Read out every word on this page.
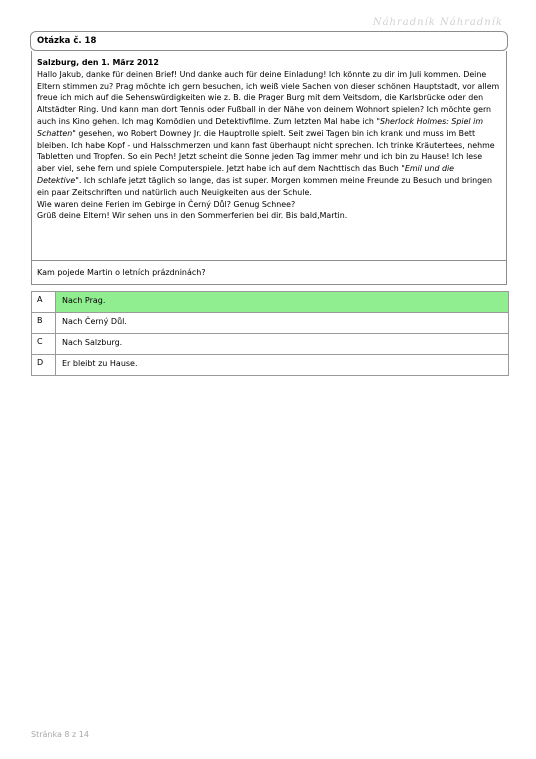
Náhradník Náhradník
Otázka č. 18
Salzburg, den 1. März 2012
Hallo Jakub, danke für deinen Brief! Und danke auch für deine Einladung! Ich könnte zu dir im Juli kommen. Deine Eltern stimmen zu? Prag möchte ich gern besuchen, ich weiß viele Sachen von dieser schönen Hauptstadt, vor allem freue ich mich auf die Sehenswürdigkeiten wie z. B. die Prager Burg mit dem Veitsdom, die Karlsbrücke oder den Altstädter Ring. Und kann man dort Tennis oder Fußball in der Nähe von deinem Wohnort spielen? Ich möchte gern auch ins Kino gehen. Ich mag Komödien und Detektivfilme. Zum letzten Mal habe ich "Sherlock Holmes: Spiel im Schatten" gesehen, wo Robert Downey Jr. die Hauptrolle spielt. Seit zwei Tagen bin ich krank und muss im Bett bleiben. Ich habe Kopf - und Halsschmerzen und kann fast überhaupt nicht sprechen. Ich trinke Kräutertees, nehme Tabletten und Tropfen. So ein Pech! Jetzt scheint die Sonne jeden Tag immer mehr und ich bin zu Hause! Ich lese aber viel, sehe fern und spiele Computerspiele. Jetzt habe ich auf dem Nachttisch das Buch "Emil und die Detektive". Ich schlafe jetzt täglich so lange, das ist super. Morgen kommen meine Freunde zu Besuch und bringen ein paar Zeitschriften und natürlich auch Neuigkeiten aus der Schule.
Wie waren deine Ferien im Gebirge in Černý Důl? Genug Schnee?
Grüß deine Eltern! Wir sehen uns in den Sommerferien bei dir. Bis bald,Martin.
Kam pojede Martin o letních prázdninách?
A	Nach Prag.
B	Nach Černý Důl.
C	Nach Salzburg.
D	Er bleibt zu Hause.
Stránka 8 z 14
